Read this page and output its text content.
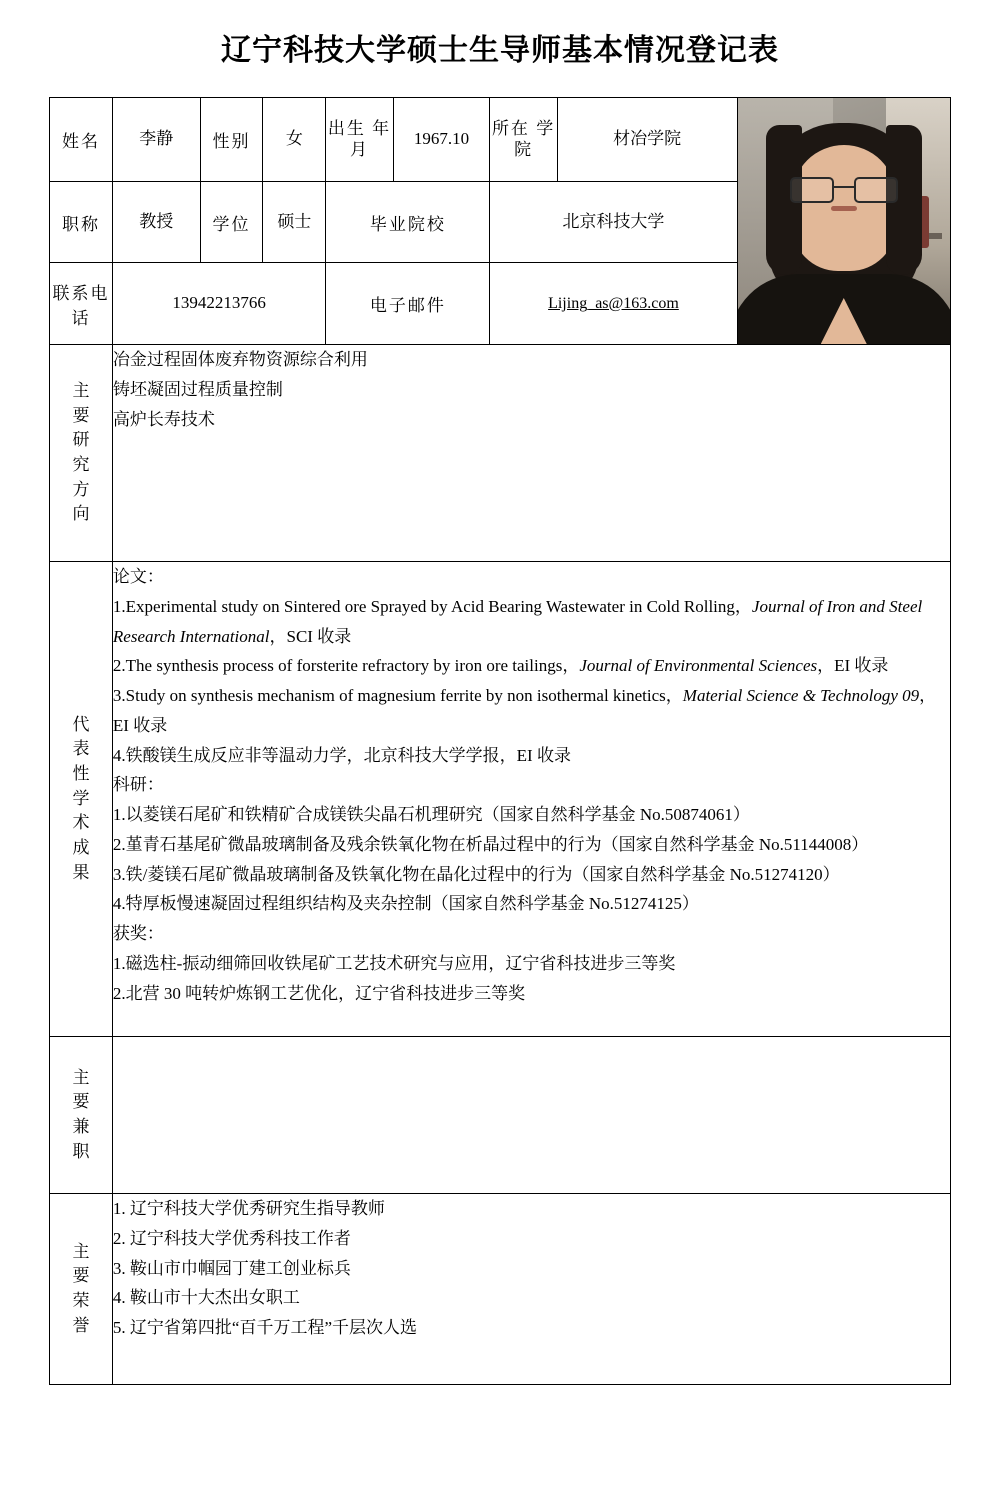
辽宁科技大学硕士生导师基本情况登记表
姓名	李静	性别	女	出生 年月	1967.10	所在 学院	材冶学院	

职称	教授	学位	硕士	毕业院校		北京科技大学		
联系电话	13942213766			电子邮件		Lijing_as@163.com		

主
要
研
究
方
向

冶金过程固体废弃物资源综合利用

铸坯凝固过程质量控制

高炉长寿技术

代
表
性
学
术
成
果

论文：

1.Experimental study on Sintered ore Sprayed by Acid Bearing Wastewater in Cold Rolling，Journal of Iron and Steel Research International，SCI 收录

2.The synthesis process of forsterite refractory by iron ore tailings，Journal of Environmental Sciences，EI 收录

3.Study on synthesis mechanism of magnesium ferrite by non isothermal kinetics，Material Science & Technology 09，EI 收录

4.铁酸镁生成反应非等温动力学，北京科技大学学报，EI 收录

科研：

1.以菱镁石尾矿和铁精矿合成镁铁尖晶石机理研究（国家自然科学基金 No.50874061）

2.堇青石基尾矿微晶玻璃制备及残余铁氧化物在析晶过程中的行为（国家自然科学基金 No.51144008）

3.铁/菱镁石尾矿微晶玻璃制备及铁氧化物在晶化过程中的行为（国家自然科学基金 No.51274120）

4.特厚板慢速凝固过程组织结构及夹杂控制（国家自然科学基金 No.51274125）

获奖：

1.磁选柱-振动细筛回收铁尾矿工艺技术研究与应用，辽宁省科技进步三等奖

2.北营 30 吨转炉炼钢工艺优化，辽宁省科技进步三等奖

主
要
兼
职								

主
要
荣
誉

1. 辽宁科技大学优秀研究生指导教师

2. 辽宁科技大学优秀科技工作者

3. 鞍山市巾帼园丁建工创业标兵

4. 鞍山市十大杰出女职工

5. 辽宁省第四批“百千万工程”千层次人选
